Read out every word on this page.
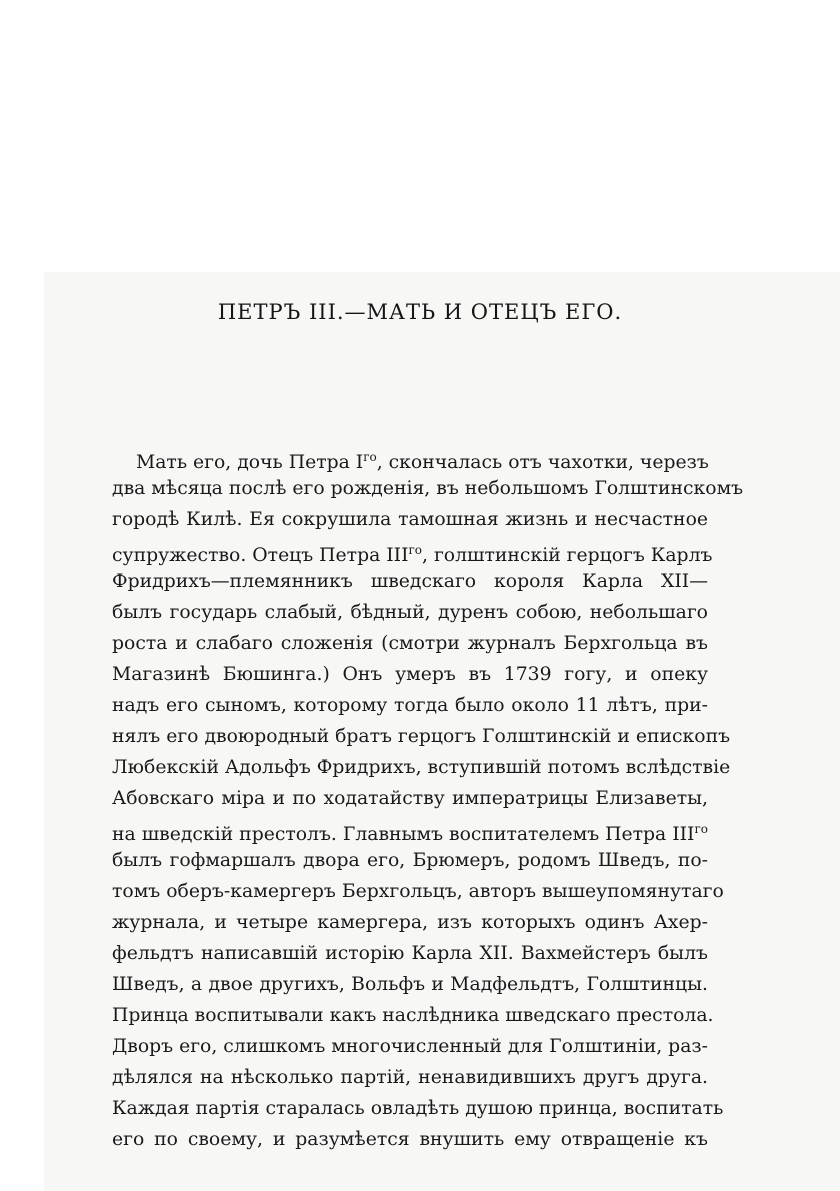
ПЕТРЪ III.—МАТЬ И ОТЕЦЪ ЕГО.
Мать его, дочь Петра $I^{го}$, скончалась отъ чахотки, черезъ
два мѣсяца послѣ его рожденія, въ небольшомъ Голштинскомъ
городѣ Килѣ. Ея сокрушила тамошная жизнь и несчастное
супружество. Отецъ Петра $III^{го}$, голштинскій герцогъ Карлъ
Фридрихъ—племянникъ шведскаго короля Карла XII—
былъ государь слабый, бѣдный, дуренъ собою, небольшаго
роста и слабаго сложенія (смотри журналъ Берхгольца въ
Магазинѣ Бюшинга.) Онъ умеръ въ 1739 гогу, и опеку
надъ его сыномъ, которому тогда было около 11 лѣтъ, при-
нялъ его двоюродный братъ герцогъ Голштинскій и епископъ
Любекскій Адольфъ Фридрихъ, вступившій потомъ вслѣдствіе
Абовскаго міра и по ходатайству императрицы Елизаветы,
на шведскій престолъ. Главнымъ воспитателемъ Петра $III^{го}$
былъ гофмаршалъ двора его, Брюмеръ, родомъ Шведъ, по-
томъ оберъ-камергеръ Берхгольцъ, авторъ вышеупомянутаго
журнала, и четыре камергера, изъ которыхъ одинъ Ахер-
фельдтъ написавшій исторію Карла XII. Вахмейстеръ былъ
Шведъ, а двое другихъ, Вольфъ и Мадфельдтъ, Голштинцы.
Принца воспитывали какъ наслѣдника шведскаго престола.
Дворъ его, слишкомъ многочисленный для Голштиніи, раз-
дѣлялся на нѣсколько партій, ненавидившихъ другъ друга.
Каждая партія старалась овладѣть душою принца, воспитать
его по своему, и разумѣется внушить ему отвращеніе къ
